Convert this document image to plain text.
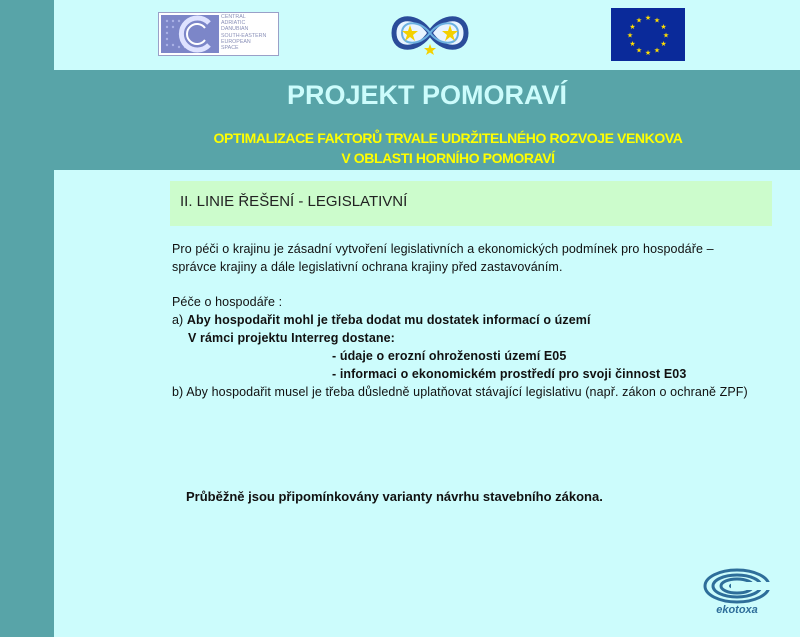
CENTRAL
ADRIATIC
DANUBIAN
SOUTH-EASTERN
EUROPEAN
SPACE
★ ★
★
★
★
★
★
★
★
★
★
★
PROJEKT POMORAVÍ
OPTIMALIZACE FAKTORŮ TRVALE UDRŽITELNÉHO ROZVOJE VENKOVA
V OBLASTI HORNÍHO POMORAVÍ
II. LINIE ŘEŠENÍ - LEGISLATIVNÍ

Pro péči o krajinu je zásadní vytvoření legislativních a ekonomických podmínek pro hospodáře –

správce krajiny a dále legislativní ochrana krajiny před zastavováním.

Péče o hospodáře :

a) Aby hospodařit mohl je třeba dodat mu dostatek informací o území

V rámci projektu Interreg dostane:

- údaje o erozní ohroženosti území E05

- informaci o ekonomickém prostředí pro svoji činnost E03

b) Aby hospodařit musel je třeba důsledně uplatňovat stávající legislativu (např. zákon o ochraně ZPF)

Průběžně jsou připomínkovány varianty návrhu stavebního zákona.
ekotoxa
